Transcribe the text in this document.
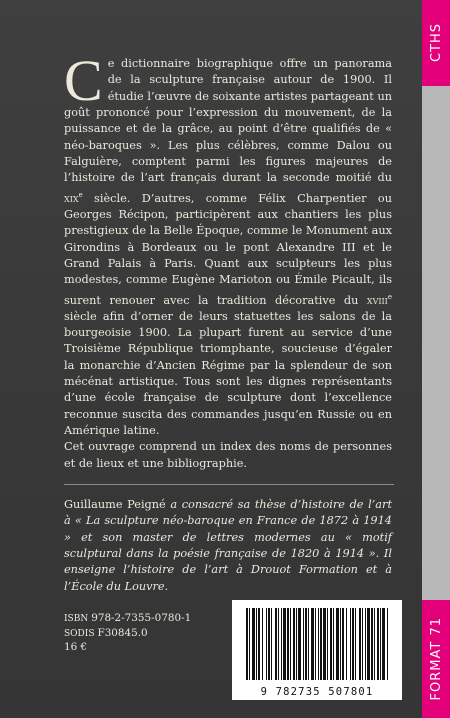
CTHS
FORMAT 71

Ce dictionnaire biographique offre un panorama de la sculpture française autour de 1900. Il étudie l’œuvre de soixante artistes partageant un goût prononcé pour l’expression du mouvement, de la puissance et de la grâce, au point d’être qualifiés de « néo-baroques ». Les plus célèbres, comme Dalou ou Falguière, comptent parmi les figures majeures de l’histoire de l’art français durant la seconde moitié du xix$^e$ siècle. D’autres, comme Félix Charpentier ou Georges Récipon, participèrent aux chantiers les plus prestigieux de la Belle Époque, comme le Monument aux Girondins à Bordeaux ou le pont Alexandre III et le Grand Palais à Paris. Quant aux sculpteurs les plus modestes, comme Eugène Marioton ou Émile Picault, ils surent renouer avec la tradition décorative du xviii$^e$ siècle afin d’orner de leurs statuettes les salons de la bourgeoisie 1900. La plupart furent au service d’une Troisième République triomphante, soucieuse d’égaler la monarchie d’Ancien Régime par la splendeur de son mécénat artistique. Tous sont les dignes représentants d’une école française de sculpture dont l’excellence reconnue suscita des commandes jusqu’en Russie ou en Amérique latine.

Cet ouvrage comprend un index des noms de personnes et de lieux et une bibliographie.

Guillaume Peigné a consacré sa thèse d’histoire de l’art à « La sculpture néo-baroque en France de 1872 à 1914 » et son master de lettres modernes au « motif sculptural dans la poésie française de 1820 à 1914 ». Il enseigne l’histoire de l’art à Drouot Formation et à l’École du Louvre.

ISBN 978-2-7355-0780-1
SODIS F30845.0
16 €
9 782735 507801
